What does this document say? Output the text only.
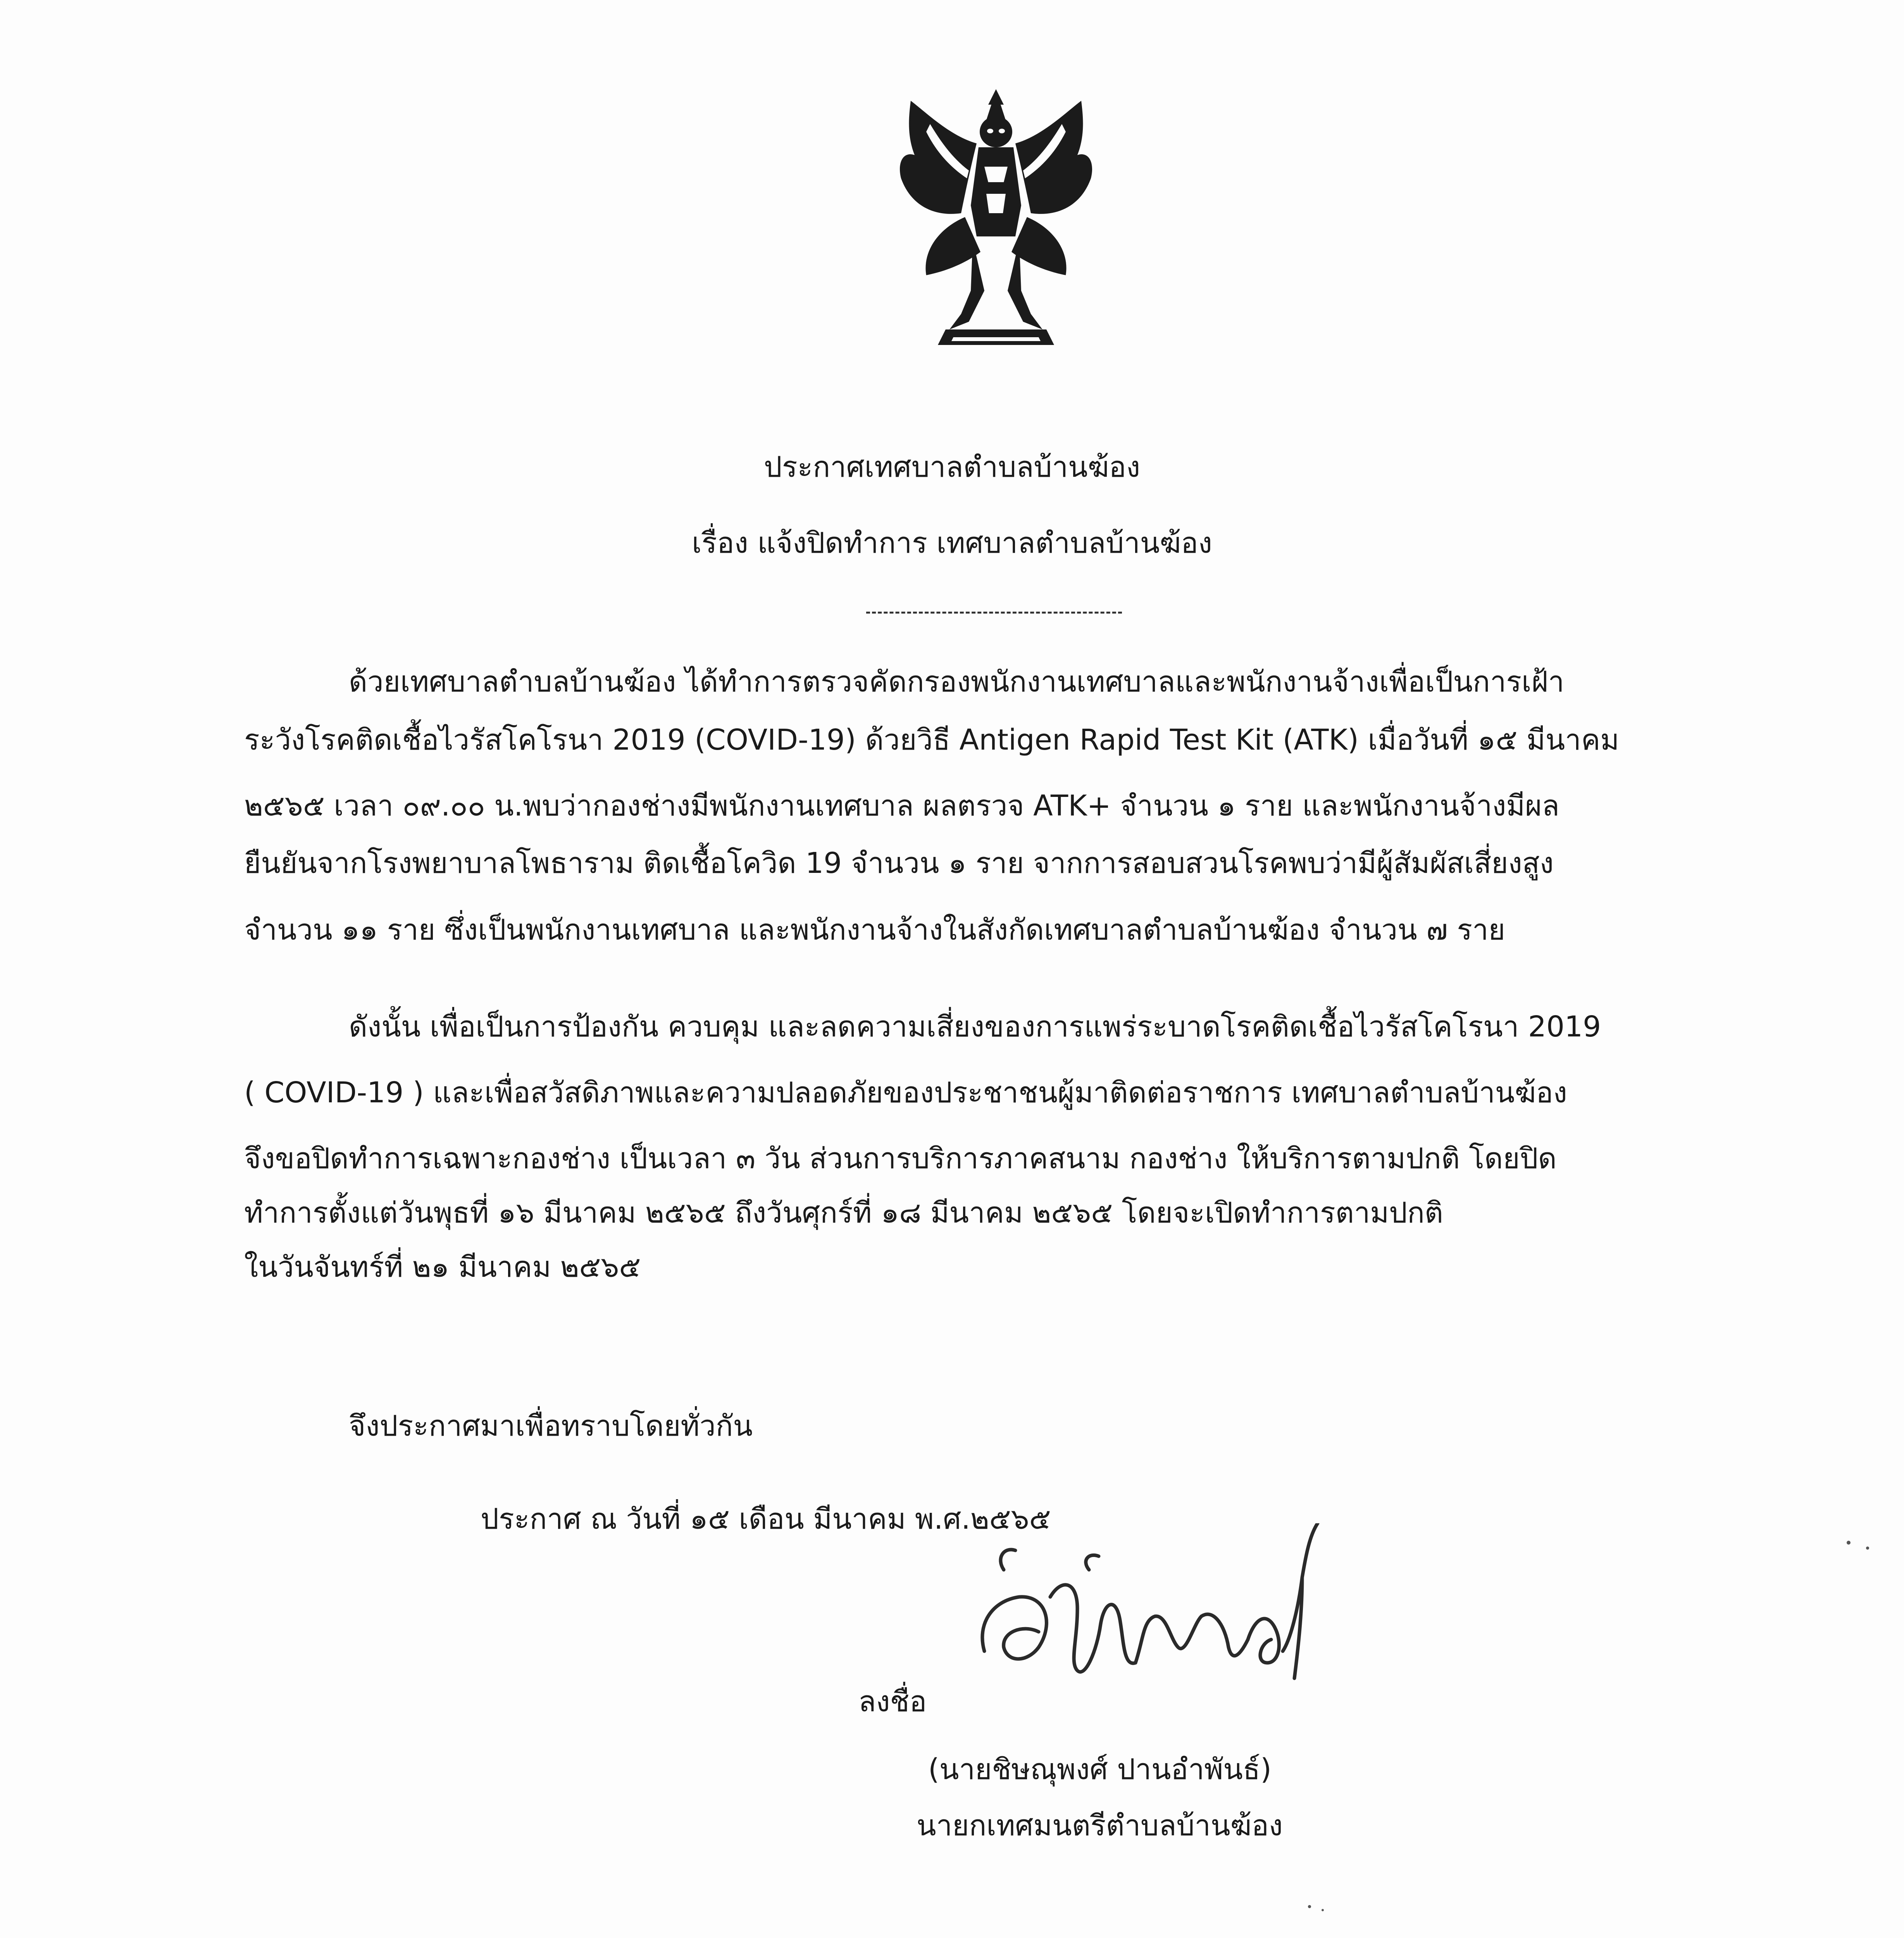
ประกาศเทศบาลตำบลบ้านฆ้อง
เรื่อง แจ้งปิดทำการ เทศบาลตำบลบ้านฆ้อง
ด้วยเทศบาลตำบลบ้านฆ้อง ได้ทำการตรวจคัดกรองพนักงานเทศบาลและพนักงานจ้างเพื่อเป็นการเฝ้า
ระวังโรคติดเชื้อไวรัสโคโรนา 2019 (COVID-19) ด้วยวิธี Antigen Rapid Test Kit (ATK) เมื่อวันที่ ๑๕ มีนาคม
๒๕๖๕ เวลา ๐๙.๐๐ น.พบว่ากองช่างมีพนักงานเทศบาล ผลตรวจ ATK+ จำนวน ๑ ราย และพนักงานจ้างมีผล
ยืนยันจากโรงพยาบาลโพธาราม ติดเชื้อโควิด 19 จำนวน ๑ ราย จากการสอบสวนโรคพบว่ามีผู้สัมผัสเสี่ยงสูง
จำนวน ๑๑ ราย ซึ่งเป็นพนักงานเทศบาล และพนักงานจ้างในสังกัดเทศบาลตำบลบ้านฆ้อง จำนวน ๗ ราย
ดังนั้น เพื่อเป็นการป้องกัน ควบคุม และลดความเสี่ยงของการแพร่ระบาดโรคติดเชื้อไวรัสโคโรนา 2019
( COVID-19 ) และเพื่อสวัสดิภาพและความปลอดภัยของประชาชนผู้มาติดต่อราชการ เทศบาลตำบลบ้านฆ้อง
จึงขอปิดทำการเฉพาะกองช่าง เป็นเวลา ๓ วัน ส่วนการบริการภาคสนาม กองช่าง ให้บริการตามปกติ โดยปิด
ทำการตั้งแต่วันพุธที่ ๑๖ มีนาคม ๒๕๖๕ ถึงวันศุกร์ที่ ๑๘ มีนาคม ๒๕๖๕ โดยจะเปิดทำการตามปกติ
ในวันจันทร์ที่ ๒๑ มีนาคม ๒๕๖๕
จึงประกาศมาเพื่อทราบโดยทั่วกัน
ประกาศ ณ วันที่ ๑๕ เดือน มีนาคม พ.ศ.๒๕๖๕
ลงชื่อ
(นายชิษณุพงศ์ ปานอำพันธ์)
นายกเทศมนตรีตำบลบ้านฆ้อง
